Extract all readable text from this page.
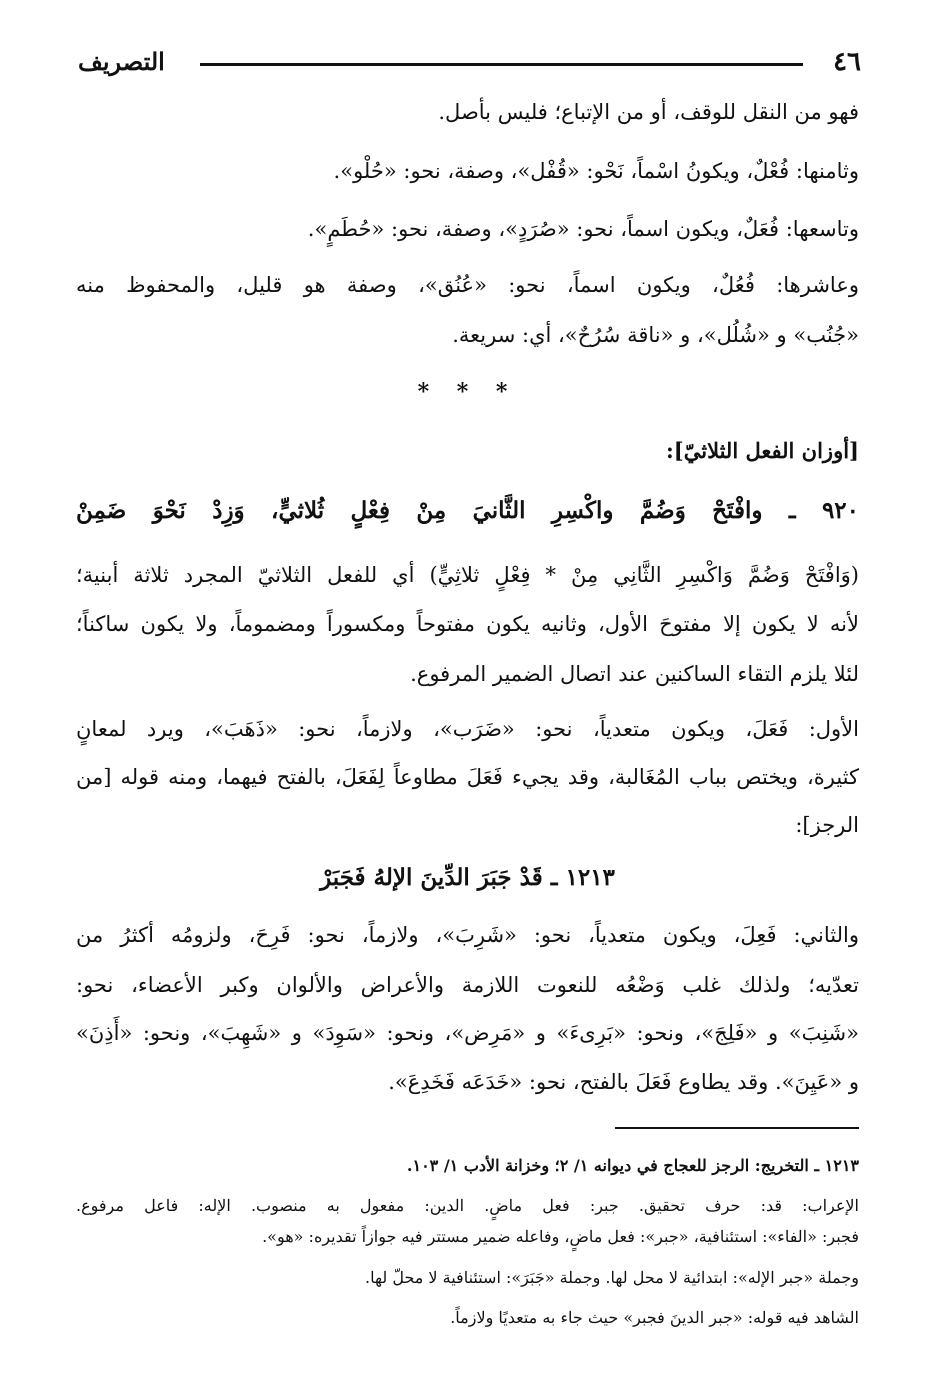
٤٦
التصريف
فهو من النقل للوقف، أو من الإتباع؛ فليس بأصل.
وثامنها: فُعْلٌ، ويكونُ اسْماً، نَحْو: «قُفْل»، وصفة، نحو: «حُلْو».
وتاسعها: فُعَلٌ، ويكون اسماً، نحو: «صُرَدٍ»، وصفة، نحو: «حُطَمٍ».
وعاشرها: فُعُلٌ، ويكون اسماً، نحو: «عُنُق»، وصفة هو قليل، والمحفوظ منه
«جُنُب» و «شُلُل»، و «ناقة سُرُحٌ»، أي: سريعة.
* * *
[أوزان الفعل الثلاثيّ]:
٩٢٠ ـ وافْتَحْ وَضُمَّ واكْسِرِ الثَّانيَ مِنْ فِعْلٍ ثُلاثيٍّ، وَزِدْ نَحْوَ ضَمِنْ
(وَافْتَحْ وَضُمَّ وَاكْسِرِ الثَّانِي مِنْ * فِعْلٍ ثلاثِيٍّ) أي للفعل الثلاثيّ المجرد ثلاثة أبنية؛
لأنه لا يكون إلا مفتوحَ الأول، وثانيه يكون مفتوحاً ومكسوراً ومضموماً، ولا يكون ساكناً؛
لئلا يلزم التقاء الساكنين عند اتصال الضمير المرفوع.
الأول: فَعَلَ، ويكون متعدياً، نحو: «ضَرَب»، ولازماً، نحو: «ذَهَبَ»، ويرد لمعانٍ
كثيرة، ويختص بباب المُغَالبة، وقد يجيء فَعَلَ مطاوعاً لِفَعَلَ، بالفتح فيهما، ومنه قوله [من
الرجز]:
١٢١٣ ـ قَدْ جَبَرَ الدِّينَ الإلهُ فَجَبَرْ
والثاني: فَعِلَ، ويكون متعدياً، نحو: «شَرِبَ»، ولازماً، نحو: فَرِحَ، ولزومُه أكثرُ من
تعدّيه؛ ولذلك غلب وَضْعُه للنعوت اللازمة والأعراض والألوان وكبر الأعضاء، نحو:
«شَنِبَ» و «فَلِجَ»، ونحو: «بَرِىءَ» و «مَرِض»، ونحو: «سَوِدَ» و «شَهِبَ»، ونحو: «أَذِنَ»
و «عَيِنَ». وقد يطاوع فَعَلَ بالفتح، نحو: «خَدَعَه فَخَدِعَ».
١٢١٣ ـ التخريج: الرجز للعجاج في ديوانه ١/ ٢؛ وخزانة الأدب ١/ ١٠٣.
الإعراب: قد: حرف تحقيق. جبر: فعل ماضٍ. الدين: مفعول به منصوب. الإله: فاعل مرفوع.
فجبر: «الفاء»: استئنافية، «جبر»: فعل ماضٍ، وفاعله ضمير مستتر فيه جوازاً تقديره: «هو».
وجملة «جبر الإله»: ابتدائية لا محل لها. وجملة «جَبَرَ»: استئنافية لا محلّ لها.
الشاهد فيه قوله: «جبر الدينَ فجبر» حيث جاء به متعديًا ولازماً.
